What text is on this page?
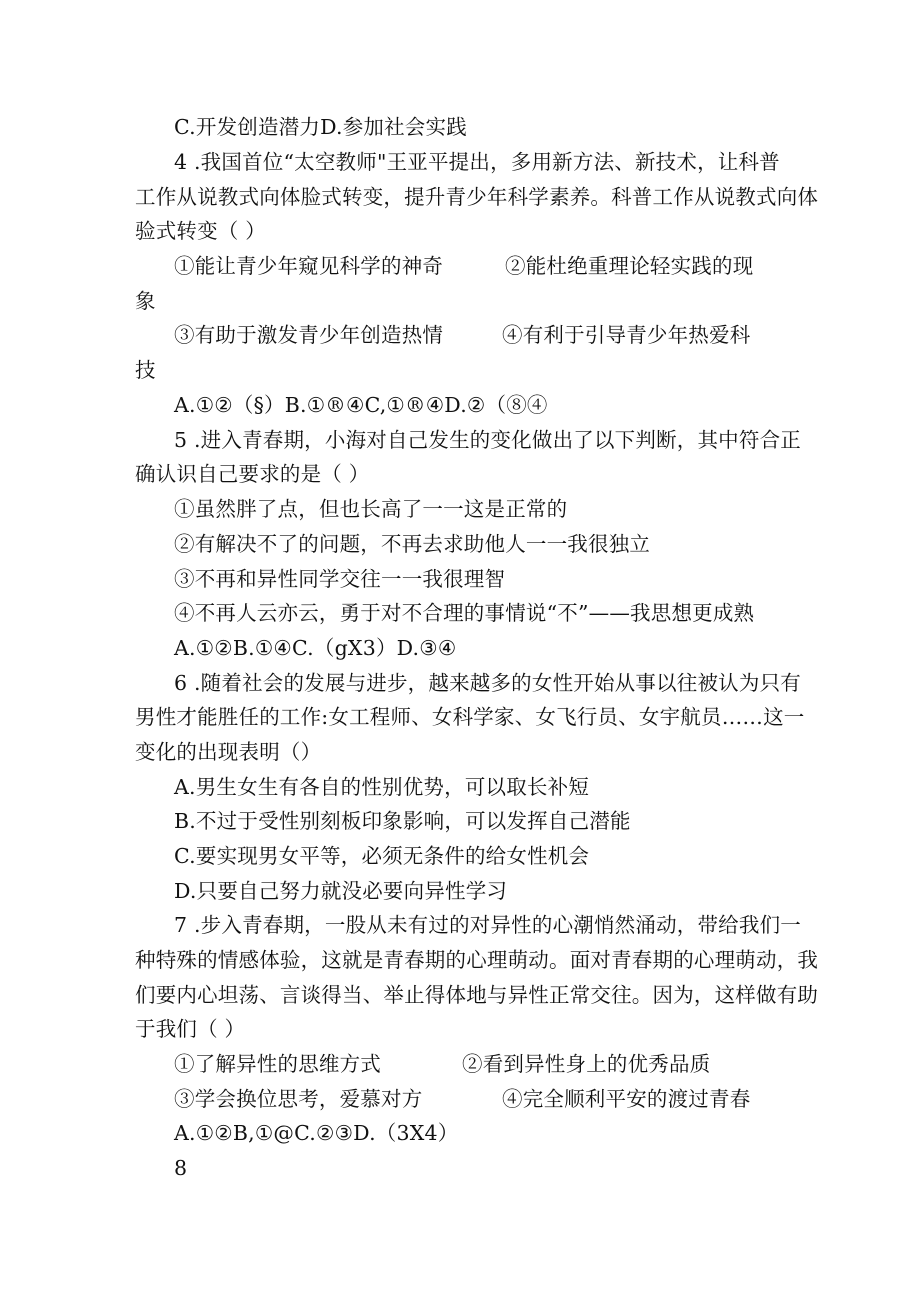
C.开发创造潜力D.参加社会实践
4 .我国首位“太空教师"王亚平提出，多用新方法、新技术，让科普
工作从说教式向体脸式转变，提升青少年科学素养。科普工作从说教式向体
验式转变（ ）
①能让青少年窥见科学的神奇	②能杜绝重理论轻实践的现
象
③有助于激发青少年创造热情	④有利于引导青少年热爱科
技
A.①②（§）B.①®④C,①®④D.②（⑧④
5 .进入青春期，小海对自己发生的变化做出了以下判断，其中符合正
确认识自己要求的是（ ）
①虽然胖了点，但也长高了一一这是正常的
②有解决不了的问题，不再去求助他人一一我很独立
③不再和异性同学交往一一我很理智
④不再人云亦云，勇于对不合理的事情说“不”——我思想更成熟
A.①②B.①④C.（gX3）D.③④
6 .随着社会的发展与进步，越来越多的女性开始从事以往被认为只有
男性才能胜任的工作:女工程师、女科学家、女飞行员、女宇航员……这一
变化的出现表明（）
A.男生女生有各自的性别优势，可以取长补短
B.不过于受性别刻板印象影响，可以发挥自己潜能
C.要实现男女平等，必须无条件的给女性机会
D.只要自己努力就没必要向异性学习
7 .步入青春期，一股从未有过的对异性的心潮悄然涌动，带给我们一
种特殊的情感体验，这就是青春期的心理萌动。面对青春期的心理萌动，我
们要内心坦荡、言谈得当、举止得体地与异性正常交往。因为，这样做有助
于我们（ ）
①了解异性的思维方式	②看到异性身上的优秀品质
③学会换位思考，爱慕对方	④完全顺利平安的渡过青春
A.①②B,①@C.②③D.（3X4）
8
